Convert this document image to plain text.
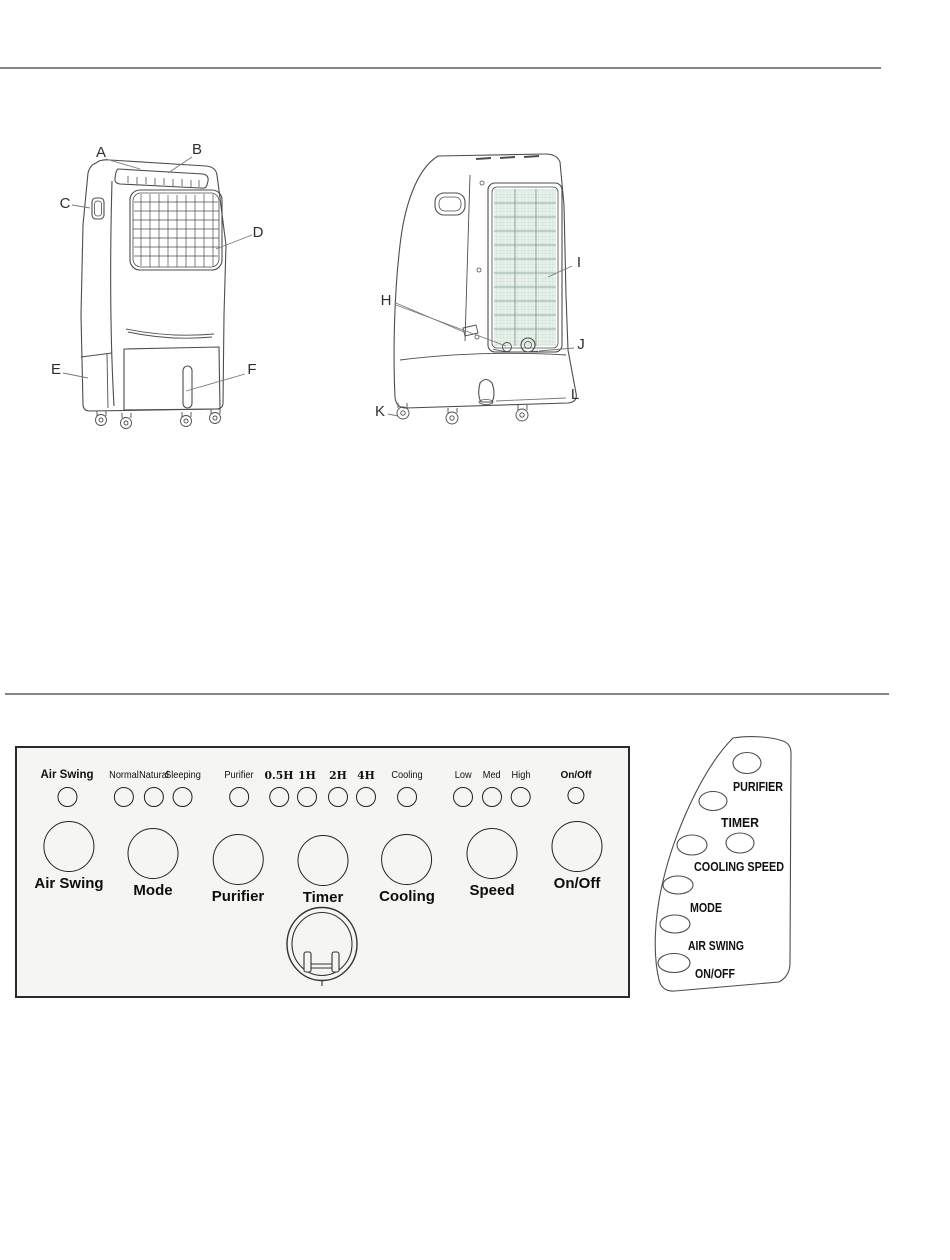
A	B
C
D
E	F
H
I
J
K
L
Air Swing Normal Natural
Sleeping Purifier 0.5H 1H 2H 4H Cooling	Low Med High	On/Off
Air Swing Mode	Purifier	Timer Cooling Speed	On/Off
PURIFIER
TIMER
COOLING SPEED
MODE
AIR SWING
ON/OFF
